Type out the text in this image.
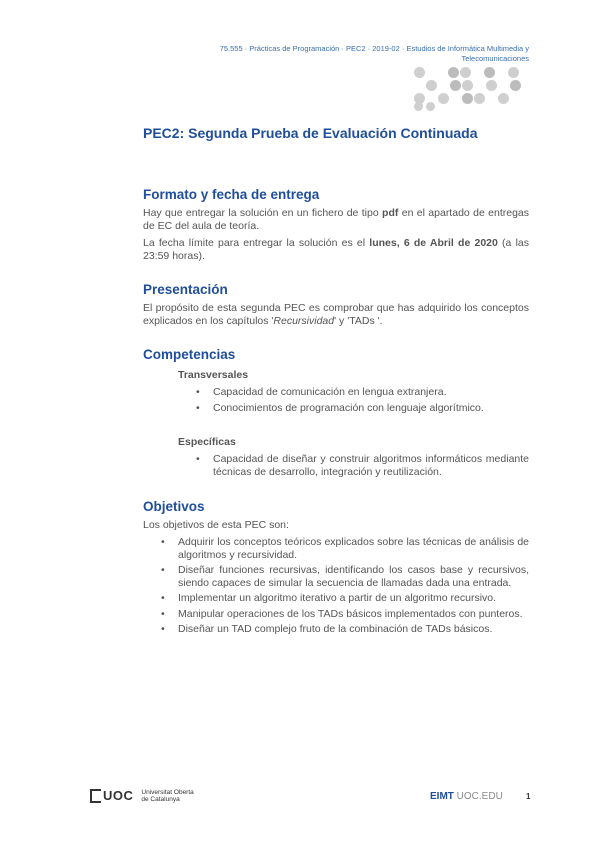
75.555 · Prácticas de Programación · PEC2 · 2019-02 · Estudios de Informática Multimedia y
Telecomunicaciones
PEC2: Segunda Prueba de Evaluación Continuada
Formato y fecha de entrega
Hay que entregar la solución en un fichero de tipo pdf en el apartado de entregas de EC del aula de teoría.
La fecha límite para entregar la solución es el lunes, 6 de Abril de 2020 (a las 23:59 horas).
Presentación
El propósito de esta segunda PEC es comprobar que has adquirido los conceptos explicados en los capítulos 'Recursividad' y 'TADs '.
Competencias
Transversales
• Capacidad de comunicación en lengua extranjera.
• Conocimientos de programación con lenguaje algorítmico.
Específicas
• Capacidad de diseñar y construir algoritmos informáticos mediante técnicas de desarrollo, integración y reutilización.
Objetivos
Los objetivos de esta PEC son:
• Adquirir los conceptos teóricos explicados sobre las técnicas de análisis de algoritmos y recursividad.
• Diseñar funciones recursivas, identificando los casos base y recursivos, siendo capaces de simular la secuencia de llamadas dada una entrada.
• Implementar un algoritmo iterativo a partir de un algoritmo recursivo.
• Manipular operaciones de los TADs básicos implementados con punteros.
• Diseñar un TAD complejo fruto de la combinación de TADs básicos.
UOC Universitat Oberta
de Catalunya	EIMT UOC.EDU	1
